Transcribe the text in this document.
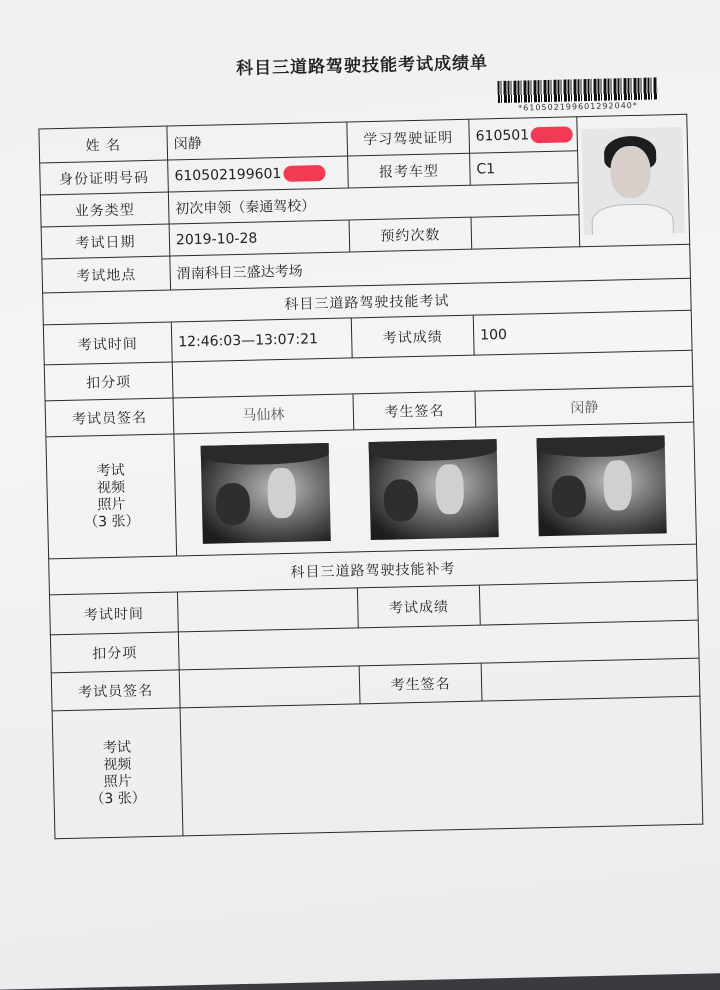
科目三道路驾驶技能考试成绩单
*610502199601292040*
姓 名	闵静	学习驾驶证明	610501	

身份证明号码	610502199601	报考车型	C1	
业务类型	初次申领（秦通驾校）			
考试日期	2019-10-28	预约次数		
考试地点	渭南科目三盛达考场			
科目三道路驾驶技能考试				
考试时间	12:46:03—13:07:21	考试成绩	100	
扣分项				
考试员签名	马仙林	考生签名	闵静	

考试
视频
照片
（3 张）				

科目三道路驾驶技能补考				
考试时间		考试成绩		
扣分项				
考试员签名		考生签名		

考试
视频
照片
（3 张）				
